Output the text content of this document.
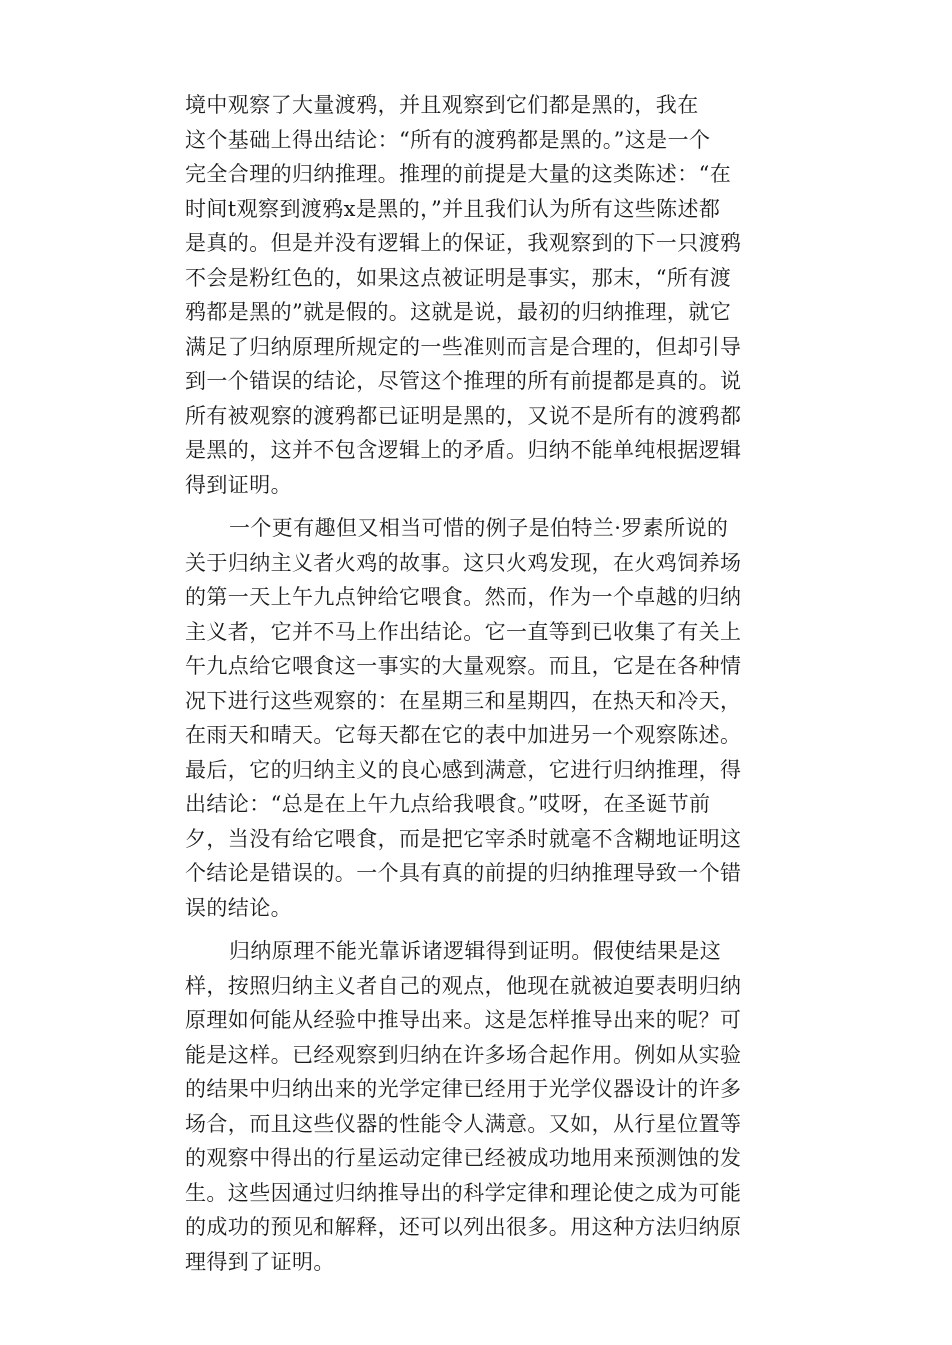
境中观察了大量渡鸦，并且观察到它们都是黑的，我在
这个基础上得出结论：“所有的渡鸦都是黑的。”这是一个
完全合理的归纳推理。推理的前提是大量的这类陈述：“在
时间t观察到渡鸦x是黑的，”并且我们认为所有这些陈述都
是真的。但是并没有逻辑上的保证，我观察到的下一只渡鸦
不会是粉红色的，如果这点被证明是事实，那末，“所有渡
鸦都是黑的”就是假的。这就是说，最初的归纳推理，就它
满足了归纳原理所规定的一些准则而言是合理的，但却引导
到一个错误的结论，尽管这个推理的所有前提都是真的。说
所有被观察的渡鸦都已证明是黑的，又说不是所有的渡鸦都
是黑的，这并不包含逻辑上的矛盾。归纳不能单纯根据逻辑
得到证明。

一个更有趣但又相当可惜的例子是伯特兰·罗素所说的
关于归纳主义者火鸡的故事。这只火鸡发现，在火鸡饲养场
的第一天上午九点钟给它喂食。然而，作为一个卓越的归纳
主义者，它并不马上作出结论。它一直等到已收集了有关上
午九点给它喂食这一事实的大量观察。而且，它是在各种情
况下进行这些观察的：在星期三和星期四，在热天和冷天，
在雨天和晴天。它每天都在它的表中加进另一个观察陈述。
最后，它的归纳主义的良心感到满意，它进行归纳推理，得
出结论：“总是在上午九点给我喂食。”哎呀，在圣诞节前
夕，当没有给它喂食，而是把它宰杀时就毫不含糊地证明这
个结论是错误的。一个具有真的前提的归纳推理导致一个错
误的结论。

归纳原理不能光靠诉诸逻辑得到证明。假使结果是这
样，按照归纳主义者自己的观点，他现在就被迫要表明归纳
原理如何能从经验中推导出来。这是怎样推导出来的呢？可
能是这样。已经观察到归纳在许多场合起作用。例如从实验
的结果中归纳出来的光学定律已经用于光学仪器设计的许多
场合，而且这些仪器的性能令人满意。又如，从行星位置等
的观察中得出的行星运动定律已经被成功地用来预测蚀的发
生。这些因通过归纳推导出的科学定律和理论使之成为可能
的成功的预见和解释，还可以列出很多。用这种方法归纳原
理得到了证明。
